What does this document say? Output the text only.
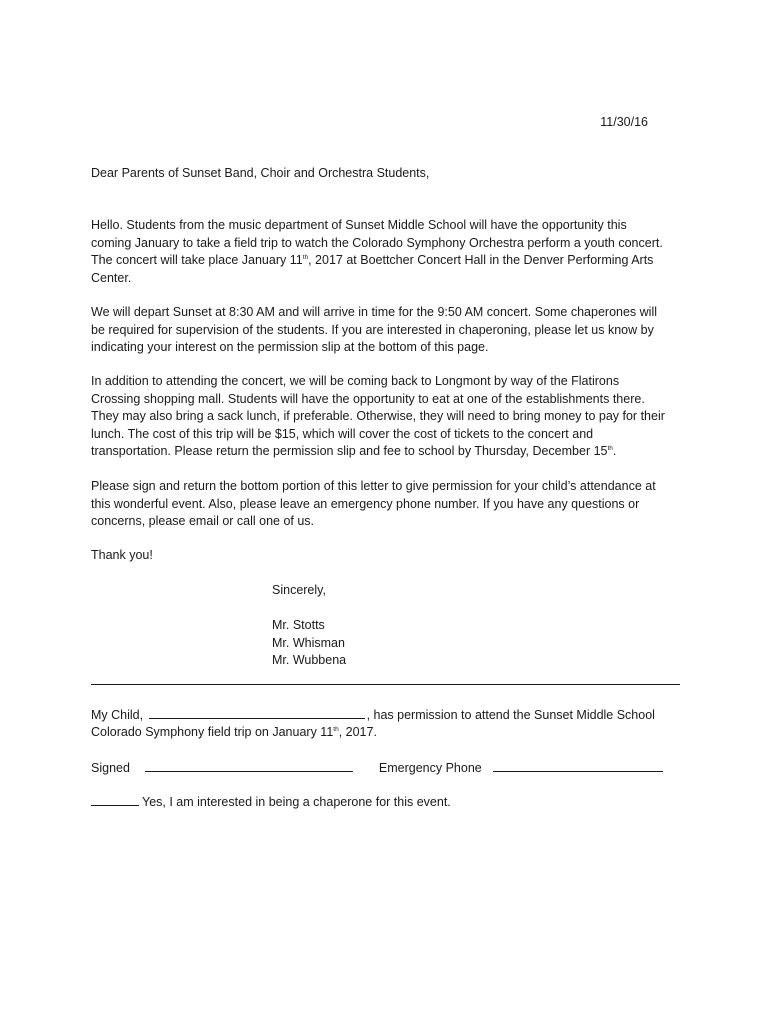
11/30/16
Dear Parents of Sunset Band, Choir and Orchestra Students,

Hello. Students from the music department of Sunset Middle School will have the opportunity this
coming January to take a field trip to watch the Colorado Symphony Orchestra perform a youth concert.
The concert will take place January 11th, 2017 at Boettcher Concert Hall in the Denver Performing Arts
Center.

We will depart Sunset at 8:30 AM and will arrive in time for the 9:50 AM concert. Some chaperones will
be required for supervision of the students. If you are interested in chaperoning, please let us know by
indicating your interest on the permission slip at the bottom of this page.

In addition to attending the concert, we will be coming back to Longmont by way of the Flatirons
Crossing shopping mall. Students will have the opportunity to eat at one of the establishments there.
They may also bring a sack lunch, if preferable. Otherwise, they will need to bring money to pay for their
lunch. The cost of this trip will be $15, which will cover the cost of tickets to the concert and
transportation. Please return the permission slip and fee to school by Thursday, December 15th.

Please sign and return the bottom portion of this letter to give permission for your child’s attendance at
this wonderful event. Also, please leave an emergency phone number. If you have any questions or
concerns, please email or call one of us.

Thank you!

Sincerely,
Mr. Stotts
Mr. Whisman
Mr. Wubbena
My Child,	, has permission to attend the Sunset Middle School
Colorado Symphony field trip on January 11th, 2017.
Signed	Emergency Phone
Yes, I am interested in being a chaperone for this event.
